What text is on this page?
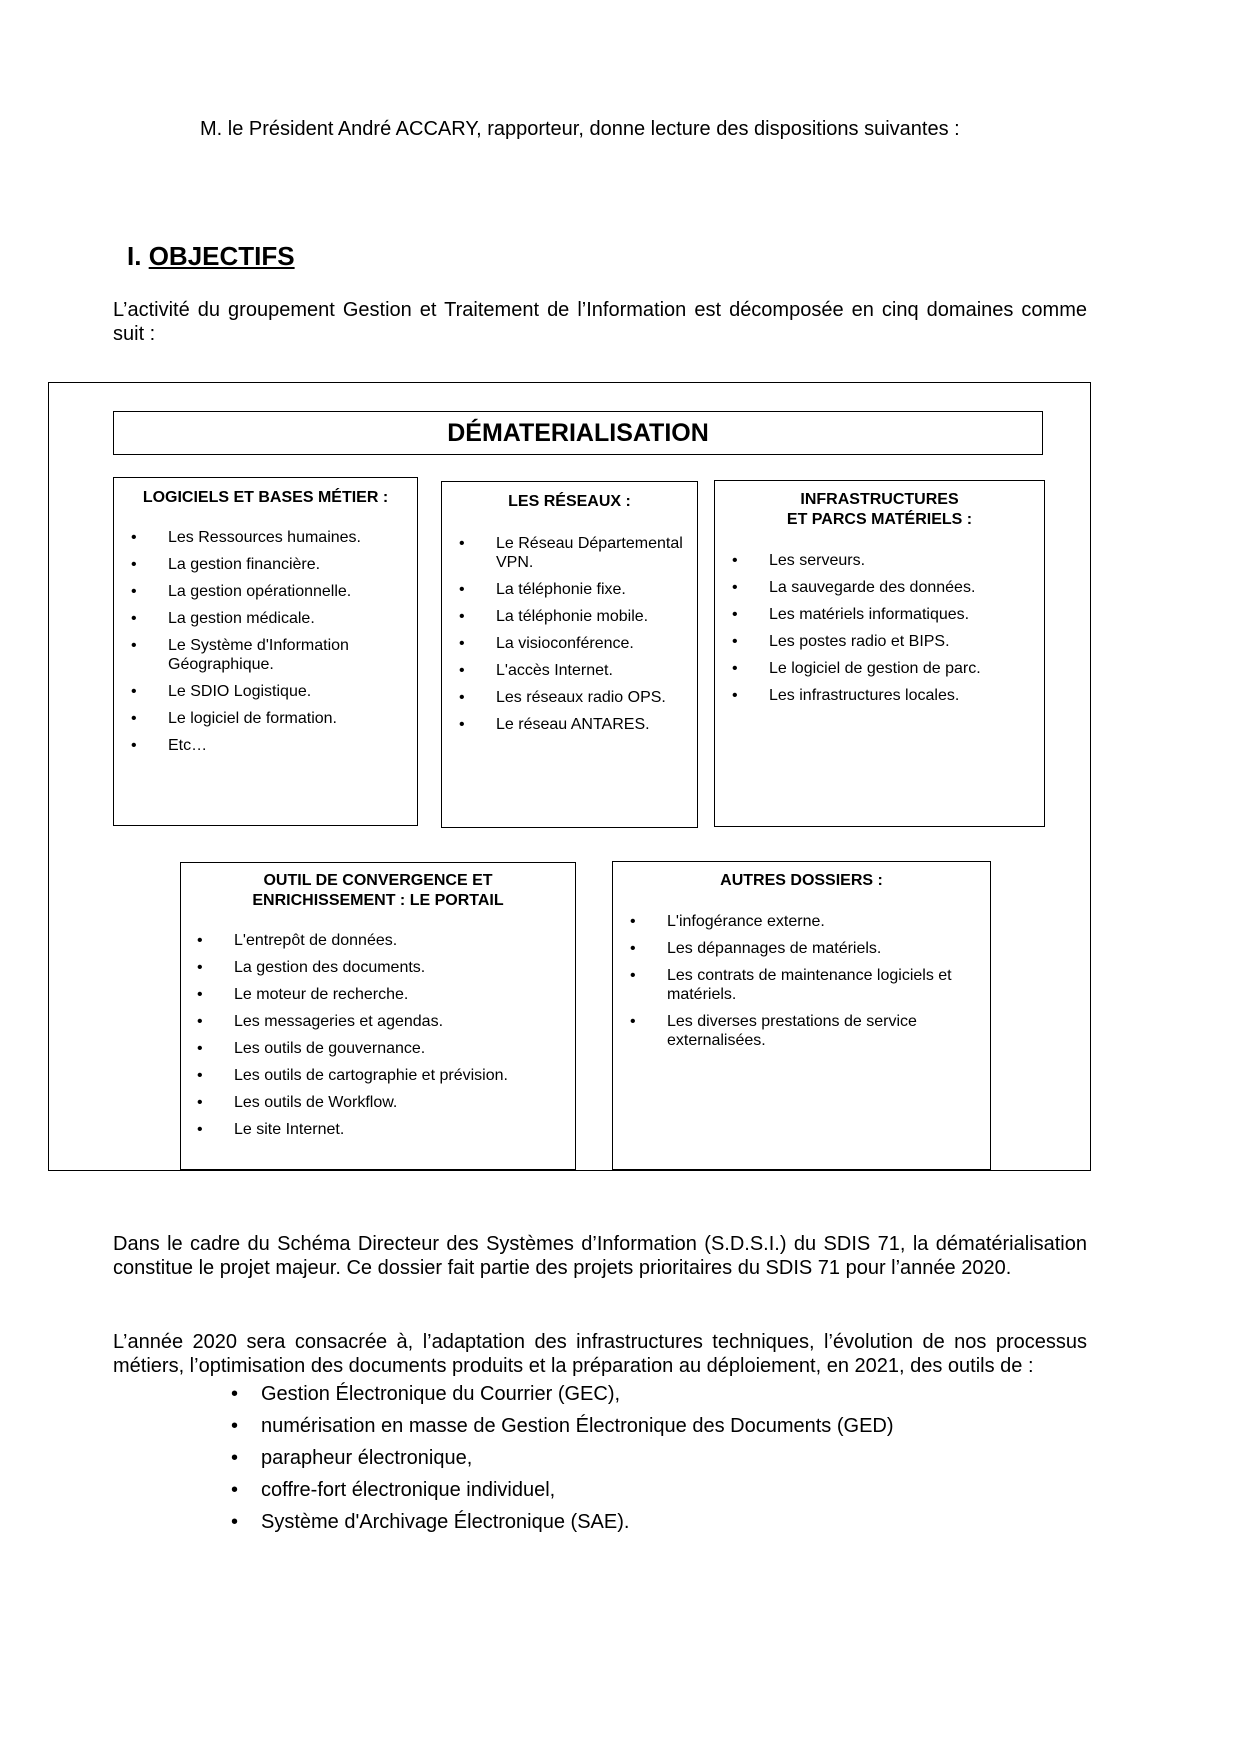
M. le Président André ACCARY, rapporteur, donne lecture des dispositions suivantes :
I. OBJECTIFS
L’activité du groupement Gestion et Traitement de l’Information est décomposée en cinq domaines comme suit :
DÉMATERIALISATION

LOGICIELS ET BASES MÉTIER :

• Les Ressources humaines.
• La gestion financière.
• La gestion opérationnelle.
• La gestion médicale.
• Le Système d'Information Géographique.
• Le SDIO Logistique.
• Le logiciel de formation.
• Etc…

LES RÉSEAUX :

• Le Réseau Départemental VPN.
• La téléphonie fixe.
• La téléphonie mobile.
• La visioconférence.
• L'accès Internet.
• Les réseaux radio OPS.
• Le réseau ANTARES.

INFRASTRUCTURES
ET PARCS MATÉRIELS :

• Les serveurs.
• La sauvegarde des données.
• Les matériels informatiques.
• Les postes radio et BIPS.
• Le logiciel de gestion de parc.
• Les infrastructures locales.

OUTIL DE CONVERGENCE ET
ENRICHISSEMENT : LE PORTAIL

• L'entrepôt de données.
• La gestion des documents.
• Le moteur de recherche.
• Les messageries et agendas.
• Les outils de gouvernance.
• Les outils de cartographie et prévision.
• Les outils de Workflow.
• Le site Internet.

AUTRES DOSSIERS :

• L'infogérance externe.
• Les dépannages de matériels.
• Les contrats de maintenance logiciels et matériels.
• Les diverses prestations de service externalisées.
Dans le cadre du Schéma Directeur des Systèmes d’Information (S.D.S.I.) du SDIS 71, la dématérialisation constitue le projet majeur. Ce dossier fait partie des projets prioritaires du SDIS 71 pour l’année 2020.
L’année 2020 sera consacrée à, l’adaptation des infrastructures techniques, l’évolution de nos processus métiers, l’optimisation des documents produits et la préparation au déploiement, en 2021, des outils de :
• Gestion Électronique du Courrier (GEC),
• numérisation en masse de Gestion Électronique des Documents (GED)
• parapheur électronique,
• coffre-fort électronique individuel,
• Système d'Archivage Électronique (SAE).
